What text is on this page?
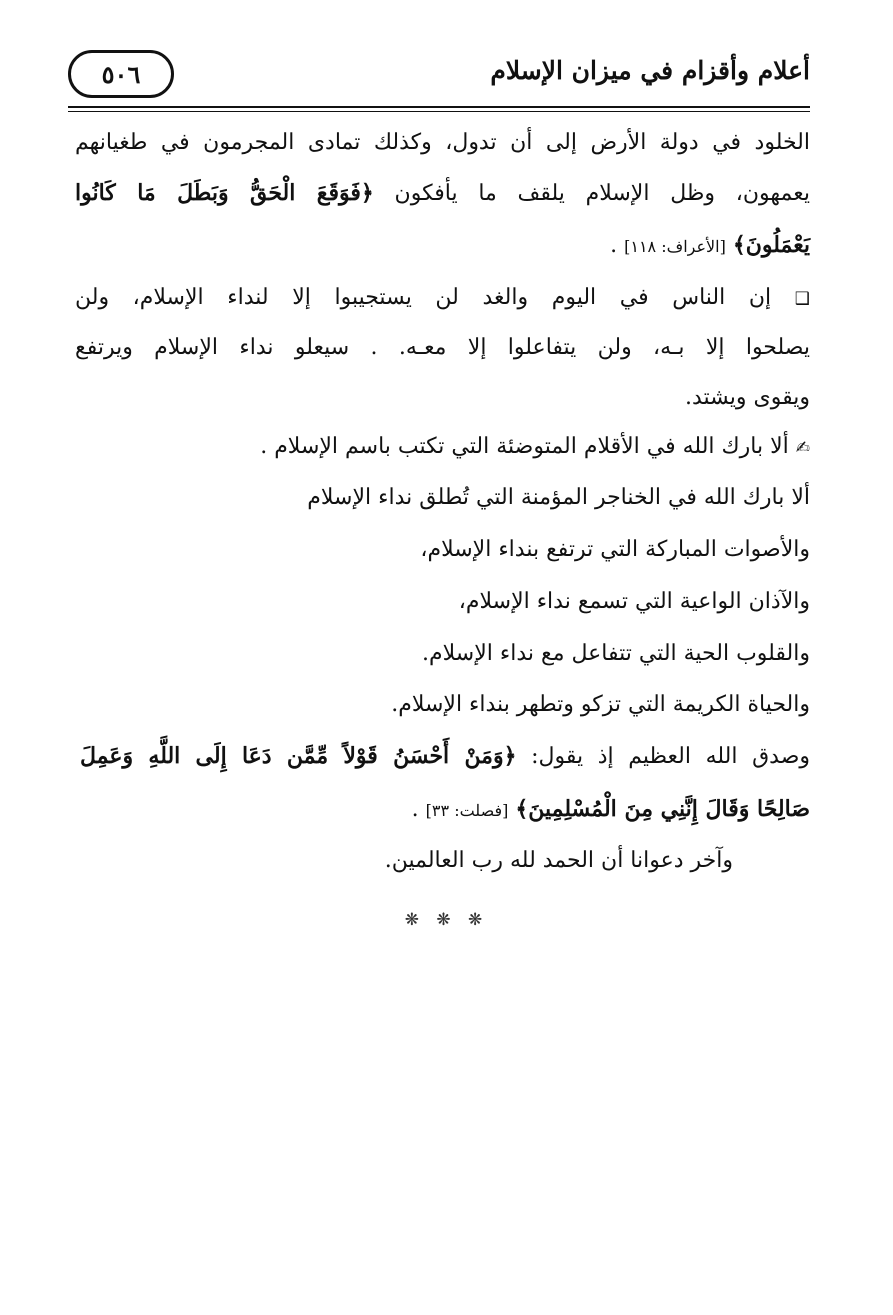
أعلام وأقزام في ميزان الإسلام
٥٠٦
الخلود في دولة الأرض إلى أن تدول، وكذلك تمادى المجرمون في طغيانهم
يعمهون، وظل الإسلام يلقف ما يأفكون ﴿فَوَقَعَ الْحَقُّ وَبَطَلَ مَا كَانُوا
يَعْمَلُونَ﴾ [الأعراف: ١١٨] .
❑ إن الناس في اليوم والغد لن يستجيبوا إلا لنداء الإسلام، ولن
يصلحوا إلا بـه، ولن يتفاعلوا إلا معـه. . سيعلو نداء الإسلام ويرتفع
ويقوى ويشتد.
✍ ألا بارك الله في الأقلام المتوضئة التي تكتب باسم الإسلام .
ألا بارك الله في الخناجر المؤمنة التي تُطلق نداء الإسلام
والأصوات المباركة التي ترتفع بنداء الإسلام،
والآذان الواعية التي تسمع نداء الإسلام،
والقلوب الحية التي تتفاعل مع نداء الإسلام.
والحياة الكريمة التي تزكو وتطهر بنداء الإسلام.
وصدق الله العظيم إذ يقول: ﴿وَمَنْ أَحْسَنُ قَوْلاً مِّمَّن دَعَا إِلَى اللَّهِ وَعَمِلَ
صَالِحًا وَقَالَ إِنَّنِي مِنَ الْمُسْلِمِينَ﴾ [فصلت: ٣٣] .
وآخر دعوانا أن الحمد لله رب العالمين.
❋ ❋ ❋
